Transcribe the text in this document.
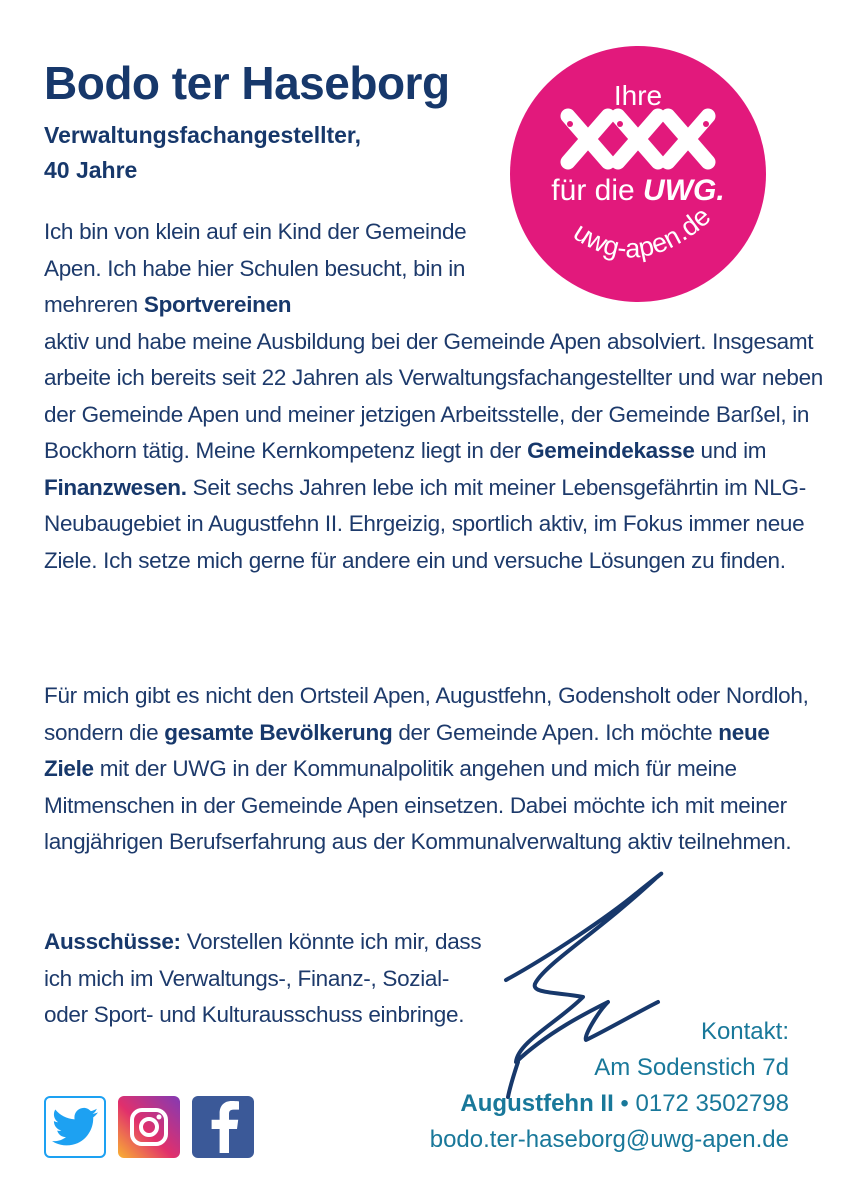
Bodo ter Haseborg
Verwaltungsfachangestellter,
40 Jahre
Ihre
uwg-apen.de
für die UWG.

Ich bin von klein auf ein Kind der Gemeinde Apen. Ich habe hier Schulen besucht, bin in mehreren Sportvereinen
aktiv und habe meine Ausbildung bei der Gemeinde Apen absolviert. Insgesamt arbeite ich bereits seit 22 Jahren als Verwaltungsfachangestellter und war neben der Gemeinde Apen und meiner jetzigen Arbeitsstelle, der Gemeinde Barßel, in Bockhorn tätig. Meine Kernkompetenz liegt in der Gemeindekasse und im Finanzwesen. Seit sechs Jahren lebe ich mit meiner Lebensgefährtin im NLG-Neubaugebiet in Augustfehn II. Ehrgeizig, sportlich aktiv, im Fokus immer neue Ziele. Ich setze mich gerne für andere ein und versuche Lösungen zu finden.

Für mich gibt es nicht den Ortsteil Apen, Augustfehn, Godensholt oder Nordloh, sondern die gesamte Bevölkerung der Gemeinde Apen. Ich möchte neue Ziele mit der UWG in der Kommunalpolitik angehen und mich für meine Mitmenschen in der Gemeinde Apen einsetzen. Dabei möchte ich mit meiner langjährigen Berufserfahrung aus der Kommunalverwaltung aktiv teilnehmen.

Ausschüsse: Vorstellen könnte ich mir, dass ich mich im Verwaltungs-, Finanz-, Sozial- oder Sport- und Kulturausschuss einbringe.

Kontakt:
Am Sodenstich 7d
Augustfehn II • 0172 3502798
bodo.ter-haseborg@uwg-apen.de
